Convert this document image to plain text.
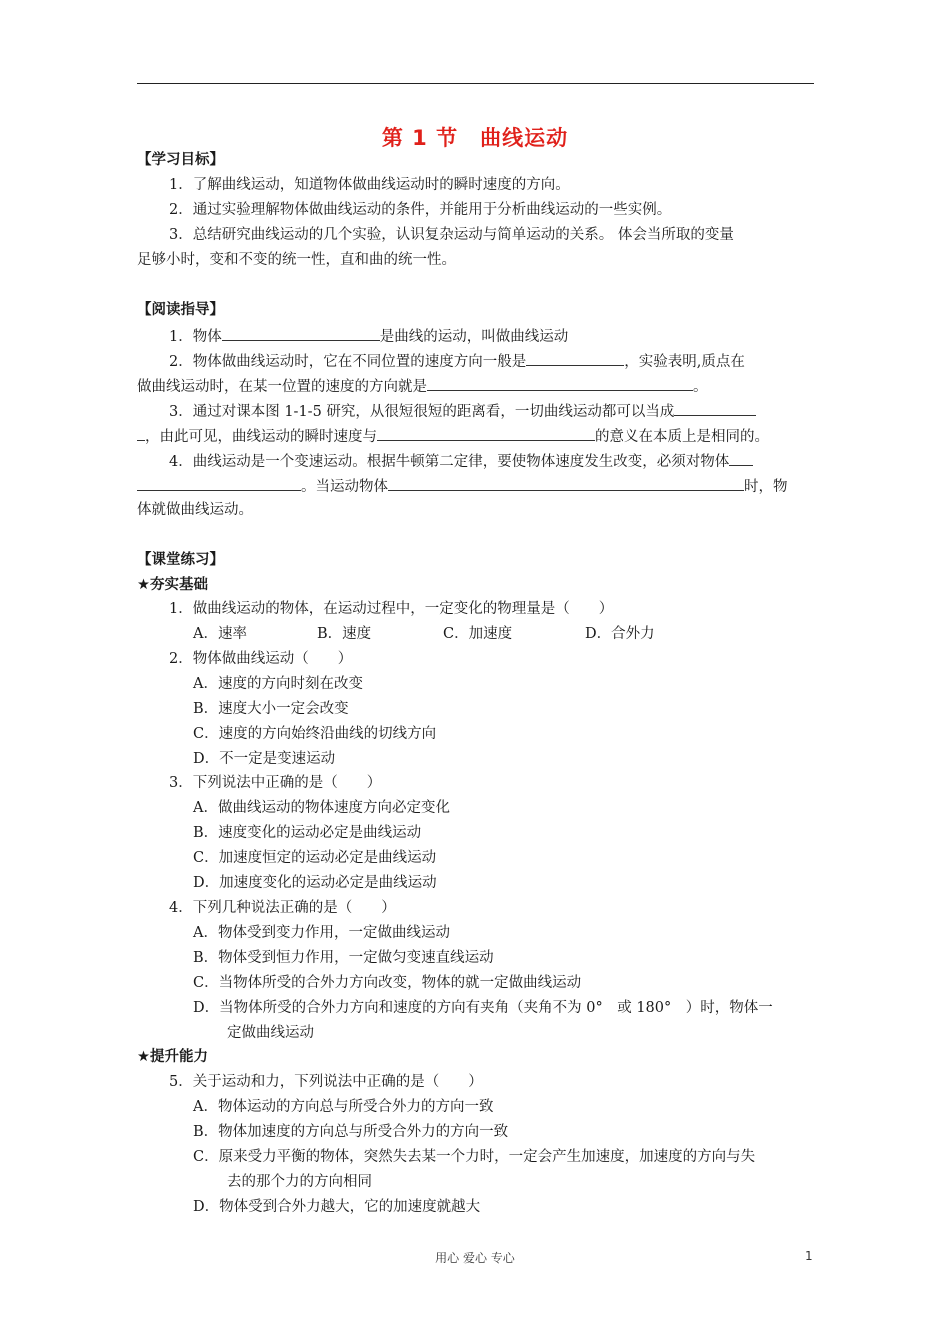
第 1 节 曲线运动
【学习目标】
1．了解曲线运动，知道物体做曲线运动时的瞬时速度的方向。
2．通过实验理解物体做曲线运动的条件，并能用于分析曲线运动的一些实例。
3．总结研究曲线运动的几个实验，认识复杂运动与简单运动的关系。 体会当所取的变量
足够小时，变和不变的统一性，直和曲的统一性。
【阅读指导】
1．物体	是曲线的运动，叫做曲线运动
2．物体做曲线运动时，它在不同位置的速度方向一般是	，实验表明,质点在
做曲线运动时，在某一位置的速度的方向就是	。
3．通过对课本图 1-1-5 研究，从很短很短的距离看，一切曲线运动都可以当成
，由此可见，曲线运动的瞬时速度与	的意义在本质上是相同的。
4．曲线运动是一个变速运动。根据牛顿第二定律，要使物体速度发生改变，必须对物体
。当运动物体	时，物
体就做曲线运动。
【课堂练习】
★夯实基础
1．做曲线运动的物体，在运动过程中，一定变化的物理量是（　　）
A．速率	B．速度	C．加速度	D．合外力
2．物体做曲线运动（　　）
A．速度的方向时刻在改变
B．速度大小一定会改变
C．速度的方向始终沿曲线的切线方向
D．不一定是变速运动
3．下列说法中正确的是（　　）
A．做曲线运动的物体速度方向必定变化
B．速度变化的运动必定是曲线运动
C．加速度恒定的运动必定是曲线运动
D．加速度变化的运动必定是曲线运动
4．下列几种说法正确的是（　　）
A．物体受到变力作用，一定做曲线运动
B．物体受到恒力作用，一定做匀变速直线运动
C．当物体所受的合外力方向改变，物体的就一定做曲线运动
D．当物体所受的合外力方向和速度的方向有夹角（夹角不为 0°　或 180°　）时，物体一
定做曲线运动
★提升能力
5．关于运动和力，下列说法中正确的是（　　）
A．物体运动的方向总与所受合外力的方向一致
B．物体加速度的方向总与所受合外力的方向一致
C．原来受力平衡的物体，突然失去某一个力时，一定会产生加速度，加速度的方向与失
去的那个力的方向相同
D．物体受到合外力越大，它的加速度就越大
用心 爱心 专心	1
